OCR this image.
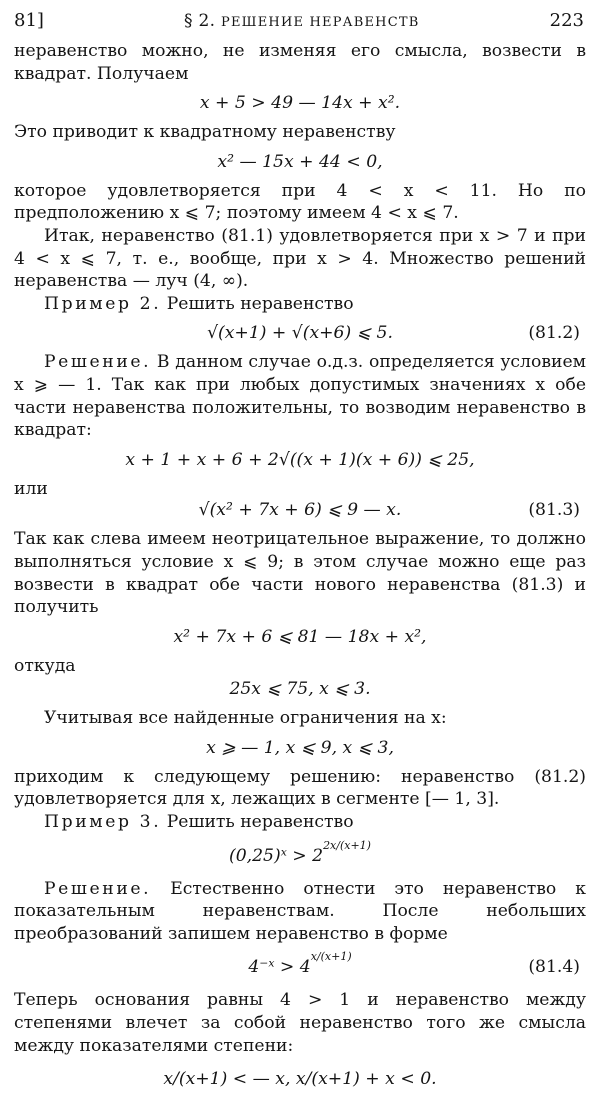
81]	§ 2. РЕШЕНИЕ НЕРАВЕНСТВ	223

неравенство можно, не изменяя его смысла, возвести в квадрат. Получаем

x + 5 > 49 — 14x + x².

Это приводит к квадратному неравенству

x² — 15x + 44 < 0,

которое удовлетворяется при 4 < x < 11. Но по предположению x ⩽ 7; поэтому имеем 4 < x ⩽ 7.

Итак, неравенство (81.1) удовлетворяется при x > 7 и при 4 < x ⩽ 7, т. е., вообще, при x > 4. Множество решений неравенства — луч (4, ∞).

Пример 2. Решить неравенство

√(x+1) + √(x+6) ⩽ 5.	(81.2)

Решение. В данном случае о.д.з. определяется условием x ⩾ — 1. Так как при любых допустимых значениях x обе части неравенства положительны, то возводим неравенство в квадрат:

x + 1 + x + 6 + 2√((x + 1)(x + 6)) ⩽ 25,

или

√(x² + 7x + 6) ⩽ 9 — x.	(81.3)

Так как слева имеем неотрицательное выражение, то должно выполняться условие x ⩽ 9; в этом случае можно еще раз возвести в квадрат обе части нового неравенства (81.3) и получить

x² + 7x + 6 ⩽ 81 — 18x + x²,

откуда

25x ⩽ 75, x ⩽ 3.

Учитывая все найденные ограничения на x:

x ⩾ — 1, x ⩽ 9, x ⩽ 3,

приходим к следующему решению: неравенство (81.2) удовлетворяется для x, лежащих в сегменте [— 1, 3].

Пример 3. Решить неравенство

(0,25)ˣ > $2^{2x/(x+1)}$

Решение. Естественно отнести это неравенство к показательным неравенствам. После небольших преобразований запишем неравенство в форме

4⁻ˣ > $4^{x/(x+1)}$
(81.4)

Теперь основания равны 4 > 1 и неравенство между степенями влечет за собой неравенство того же смысла между показателями степени:

x/(x+1) < — x, x/(x+1) + x < 0.
